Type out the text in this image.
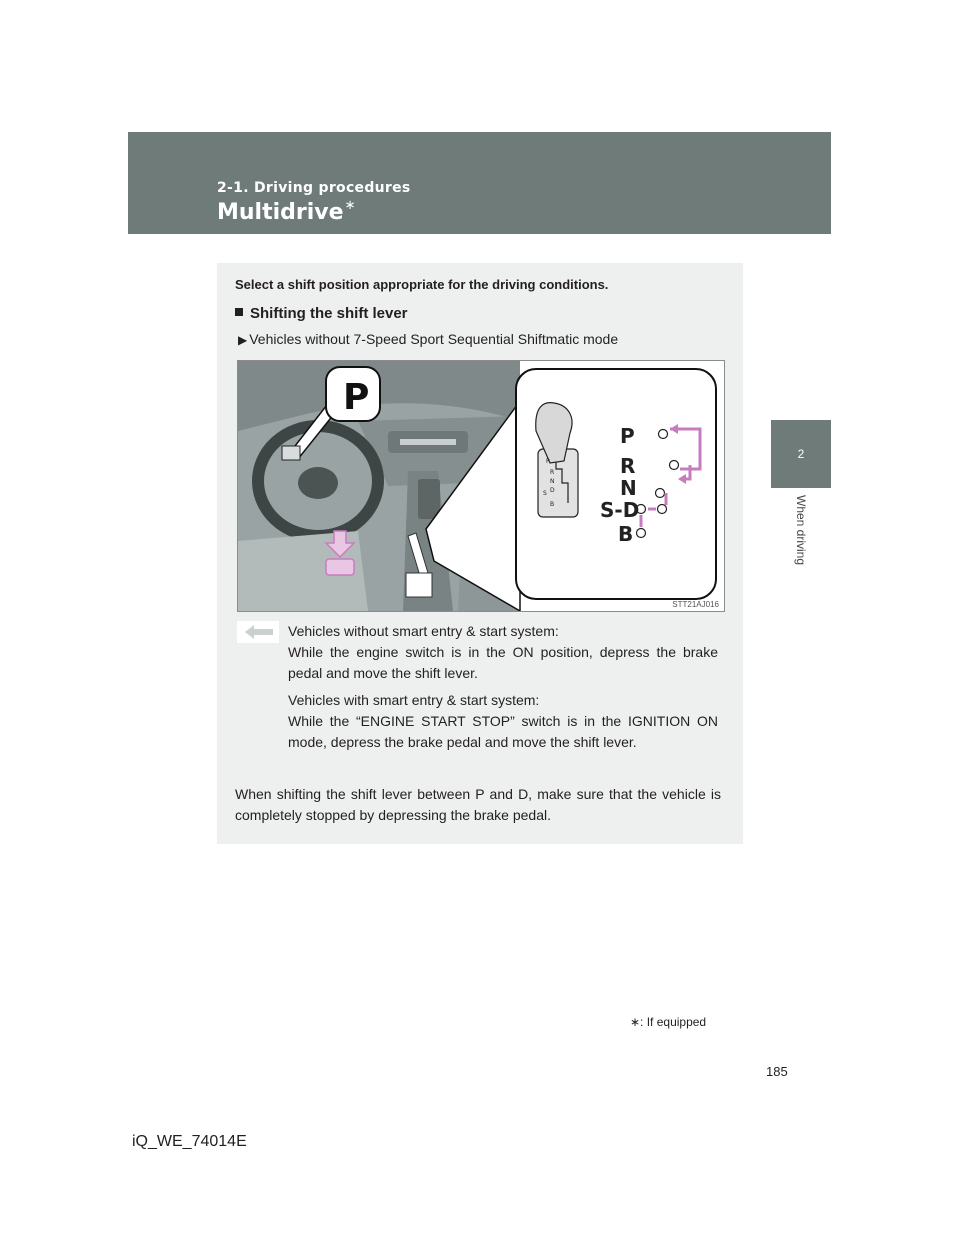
2-1. Driving procedures
Multidrive∗
2
When driving
Select a shift position appropriate for the driving conditions.
Shifting the shift lever
▶ Vehicles without 7-Speed Sport Sequential Shiftmatic mode
P
P
R
N
S-D
B
P
R
N
D
S
B
STT21AJ016

Vehicles without smart entry & start system:
While the engine switch is in the ON position, depress the brake pedal and move the shift lever.

Vehicles with smart entry & start system:
While the “ENGINE START STOP” switch is in the IGNITION ON mode, depress the brake pedal and move the shift lever.

When shifting the shift lever between P and D, make sure that the vehicle is completely stopped by depressing the brake pedal.
∗: If equipped
185
iQ_WE_74014E
